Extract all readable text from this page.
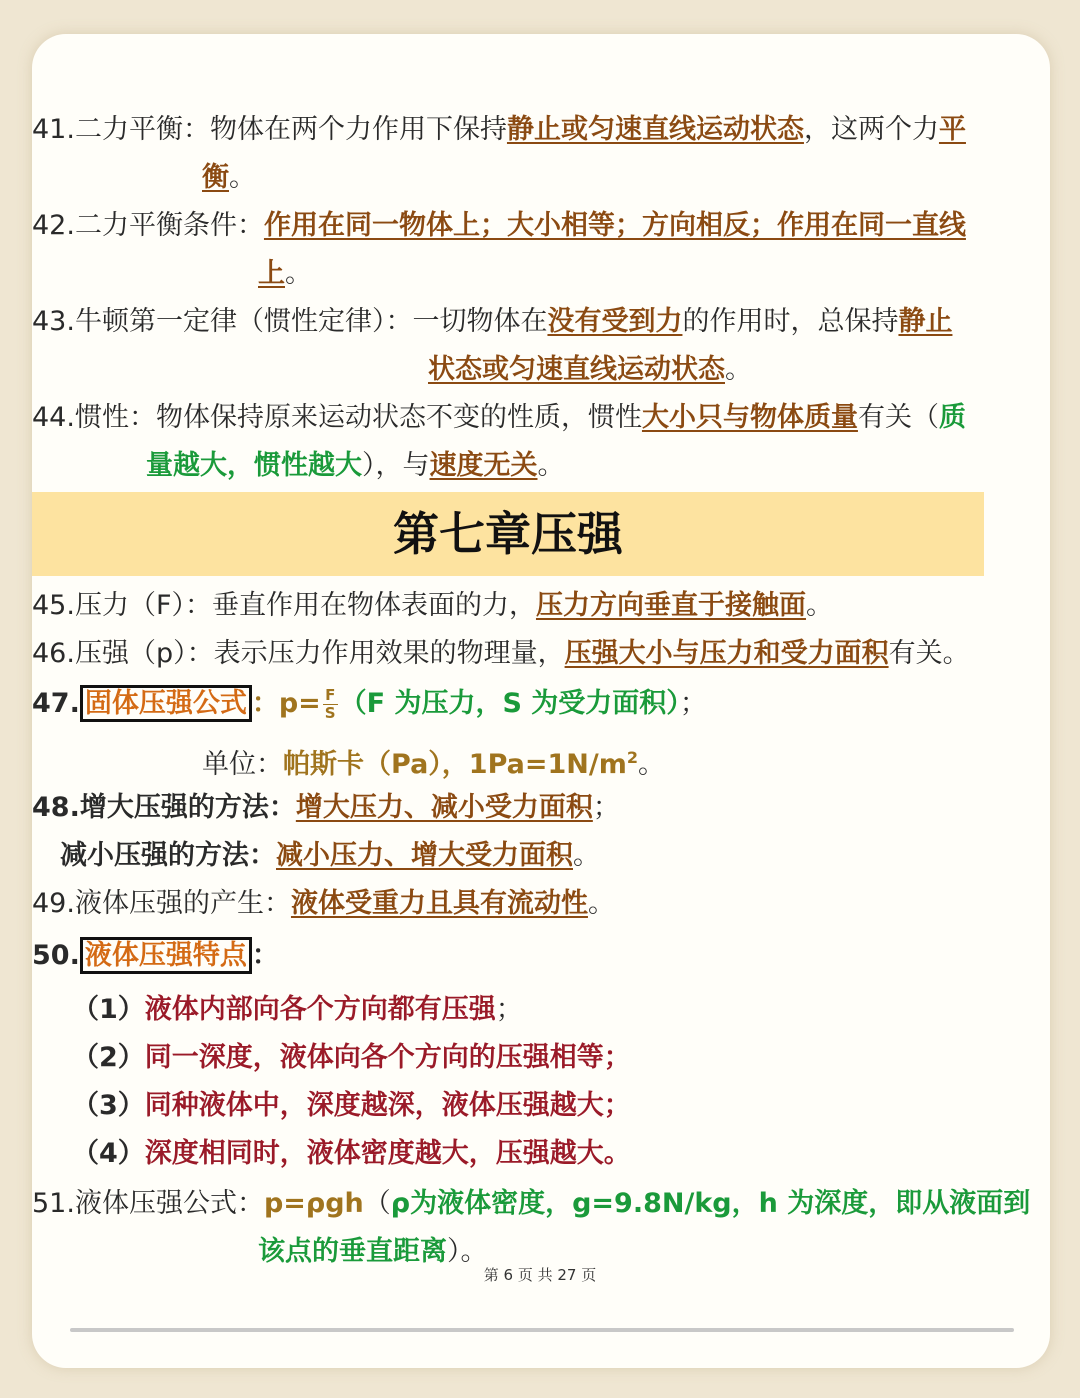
41.二力平衡：物体在两个力作用下保持静止或匀速直线运动状态，这两个力平
衡。
42.二力平衡条件：作用在同一物体上；大小相等；方向相反；作用在同一直线
上。
43.牛顿第一定律（惯性定律）：一切物体在没有受到力的作用时，总保持静止
状态或匀速直线运动状态。
44.惯性：物体保持原来运动状态不变的性质，惯性大小只与物体质量有关（质
量越大，惯性越大），与速度无关。
第七章压强
45.压力（F）：垂直作用在物体表面的力，压力方向垂直于接触面。
46.压强（p）：表示压力作用效果的物理量，压强大小与压力和受力面积有关。
47. 固体压强公式 ：$p= \frac{F}{S} (F$ 为压力，S 为受力面积）；
单位：帕斯卡（Pa），$1Pa=1N/m^2$。
48.增大压强的方法：增大压力、减小受力面积；
减小压强的方法：减小压力、增大受力面积。
49.液体压强的产生：液体受重力且具有流动性。
50. 液体压强特点 ：
（1）液体内部向各个方向都有压强；
（2）同一深度，液体向各个方向的压强相等；
（3）同种液体中，深度越深，液体压强越大；
（4）深度相同时，液体密度越大，压强越大。
51.液体压强公式：p=ρgh（ρ为液体密度，g=9.8N/kg，h 为深度，即从液面到
该点的垂直距离）。
第 6 页 共 27 页
